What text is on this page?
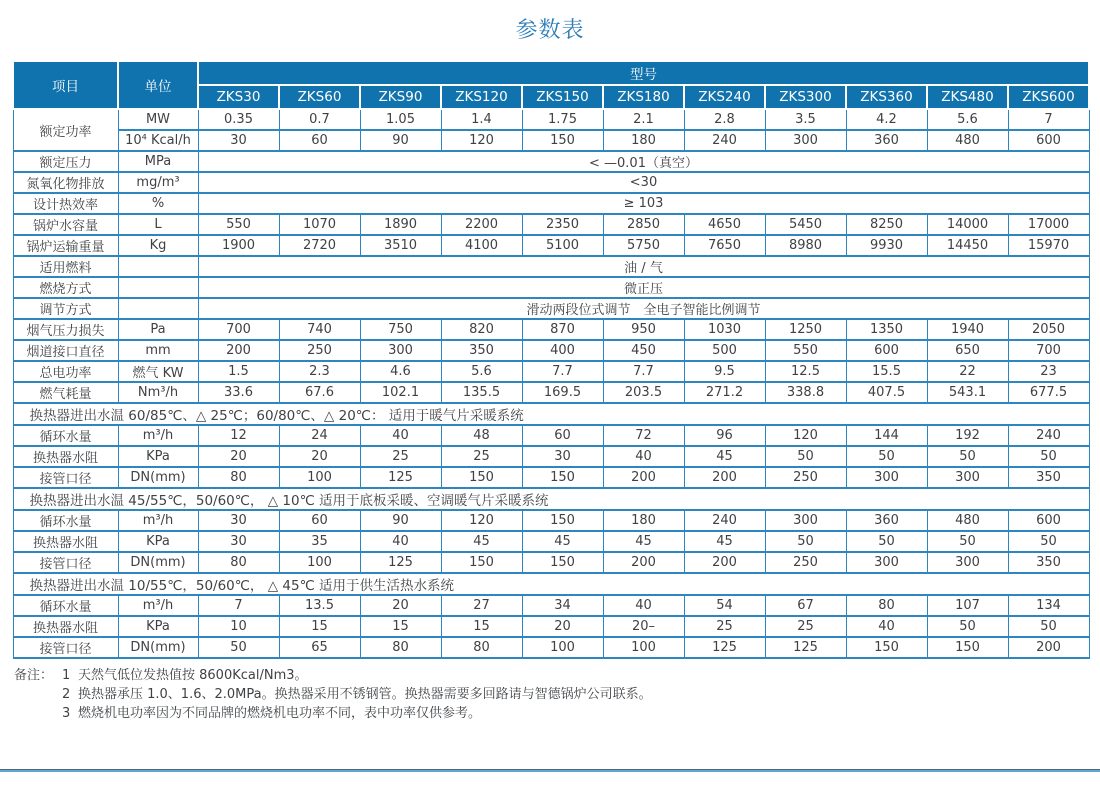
参数表
项目	单位	型号										
		ZKS30	ZKS60	ZKS90	ZKS120	ZKS150	ZKS180	ZKS240	ZKS300	ZKS360	ZKS480	ZKS600
额定功率	MW	0.35	0.7	1.05	1.4	1.75	2.1	2.8	3.5	4.2	5.6	7
	10⁴ Kcal/h	30	60	90	120	150	180	240	300	360	480	600
额定压力	MPa	< —0.01（真空）										
氮氧化物排放	mg/m³	<30										
设计热效率	%	≥ 103										
锅炉水容量	L	550	1070	1890	2200	2350	2850	4650	5450	8250	14000	17000
锅炉运输重量	Kg	1900	2720	3510	4100	5100	5750	7650	8980	9930	14450	15970
适用燃料		油 / 气										
燃烧方式		微正压										
调节方式		滑动两段位式调节　全电子智能比例调节										
烟气压力损失	Pa	700	740	750	820	870	950	1030	1250	1350	1940	2050
烟道接口直径	mm	200	250	300	350	400	450	500	550	600	650	700
总电功率	燃气 KW	1.5	2.3	4.6	5.6	7.7	7.7	9.5	12.5	15.5	22	23
燃气耗量	Nm³/h	33.6	67.6	102.1	135.5	169.5	203.5	271.2	338.8	407.5	543.1	677.5
换热器进出水温 60/85℃、△ 25℃；60/80℃、△ 20℃： 适用于暖气片采暖系统												
循环水量	m³/h	12	24	40	48	60	72	96	120	144	192	240
换热器水阻	KPa	20	20	25	25	30	40	45	50	50	50	50
接管口径	DN(mm)	80	100	125	150	150	200	200	250	300	300	350
换热器进出水温 45/55℃，50/60℃， △ 10℃ 适用于底板采暖、空调暖气片采暖系统												
循环水量	m³/h	30	60	90	120	150	180	240	300	360	480	600
换热器水阻	KPa	30	35	40	45	45	45	45	50	50	50	50
接管口径	DN(mm)	80	100	125	150	150	200	200	250	300	300	350
换热器进出水温 10/55℃，50/60℃， △ 45℃ 适用于供生活热水系统												
循环水量	m³/h	7	13.5	20	27	34	40	54	67	80	107	134
换热器水阻	KPa	10	15	15	15	20	20–	25	25	40	50	50
接管口径	DN(mm)	50	65	80	80	100	100	125	125	150	150	200
备注： 1 天然气低位发热值按 8600Kcal/Nm3。
2 换热器承压 1.0、1.6、2.0MPa。换热器采用不锈钢管。换热器需要多回路请与智德锅炉公司联系。
3 燃烧机电功率因为不同品牌的燃烧机电功率不同，表中功率仅供参考。
